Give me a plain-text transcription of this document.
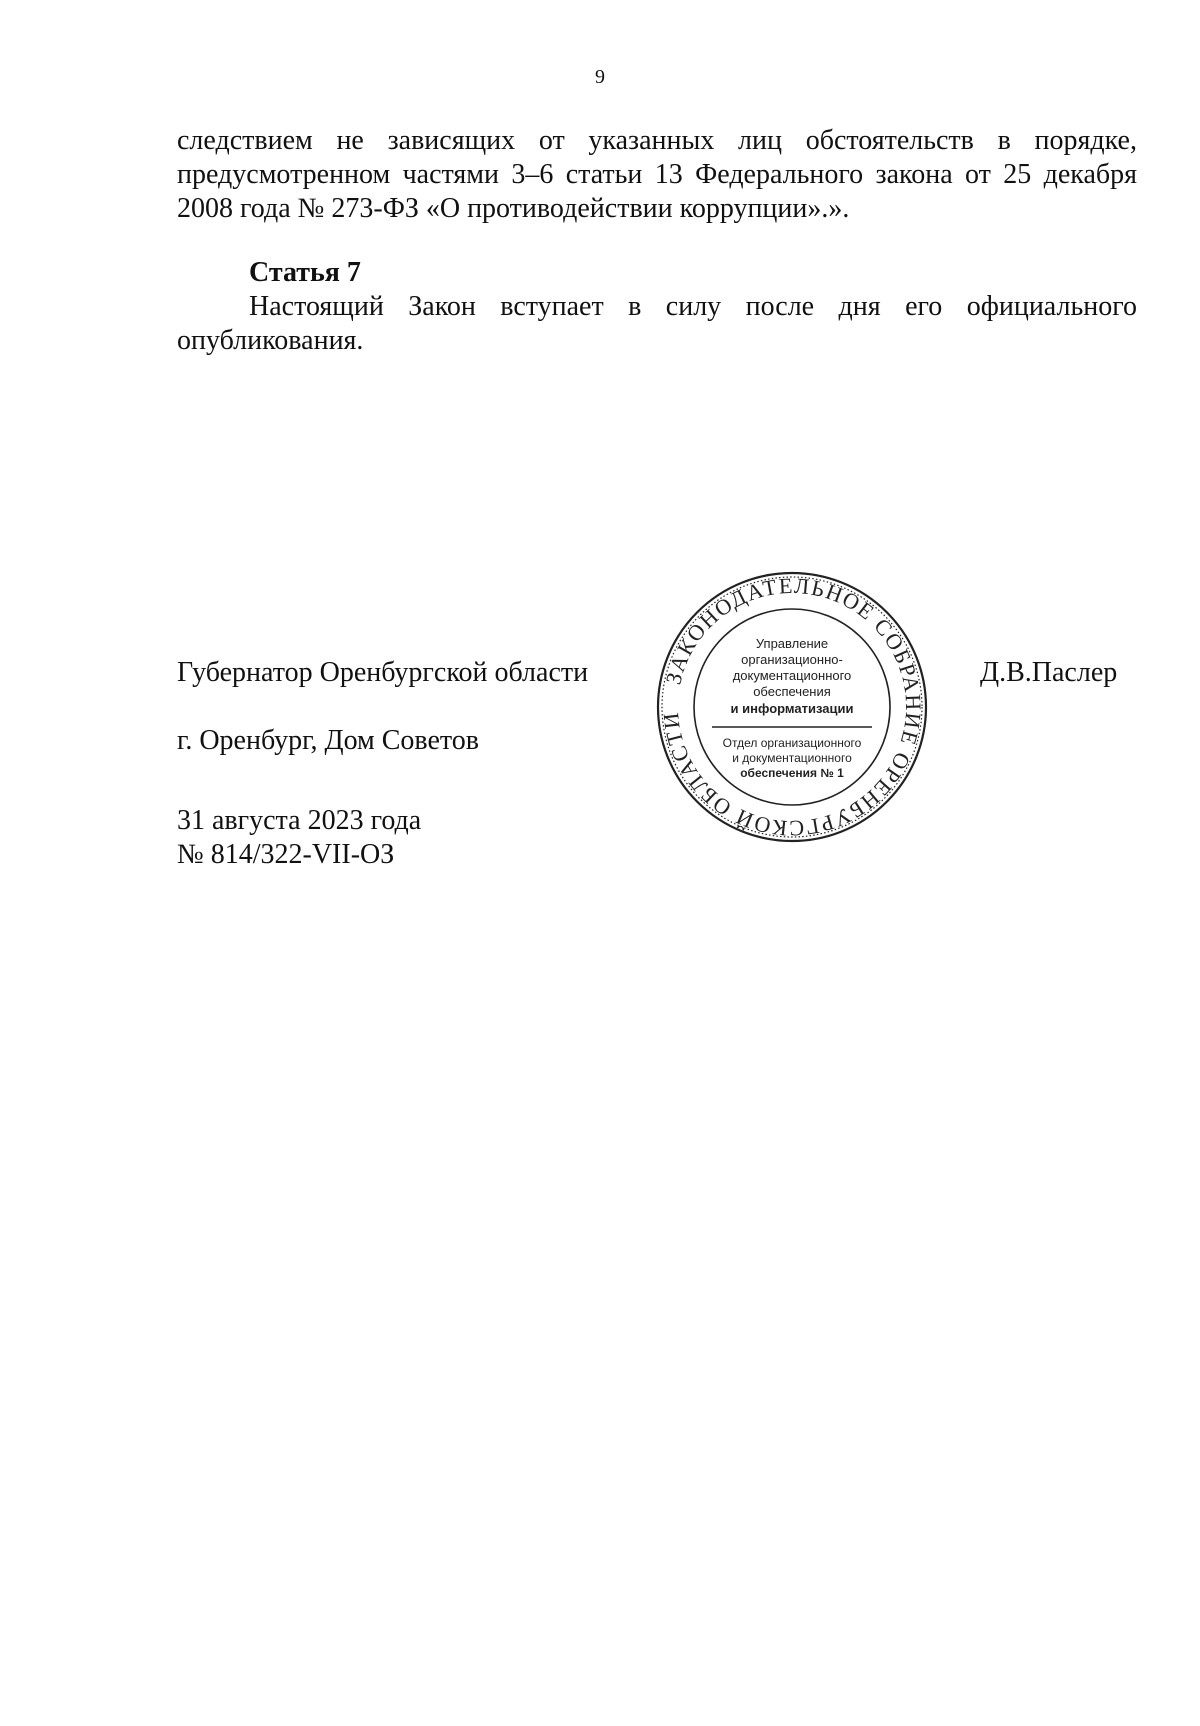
9
следствием не зависящих от указанных лиц обстоятельств в порядке, предусмотренном частями 3–6 статьи 13 Федерального закона от 25 декабря 2008 года № 273-ФЗ «О противодействии коррупции».».
Статья 7
Настоящий Закон вступает в силу после дня его официального опубликования.
Губернатор Оренбургской области	Д.В.Паслер
г. Оренбург, Дом Советов
31 августа 2023 года
№ 814/322-VII-ОЗ
ЗАКОНОДАТЕЛЬНОЕ СОБРАНИЕ ОРЕНБУРГСКОЙ ОБЛАСТИ
Управление
организационно-
документационного
обеспечения
и информатизации
Отдел организационного
и документационного
обеспечения № 1
